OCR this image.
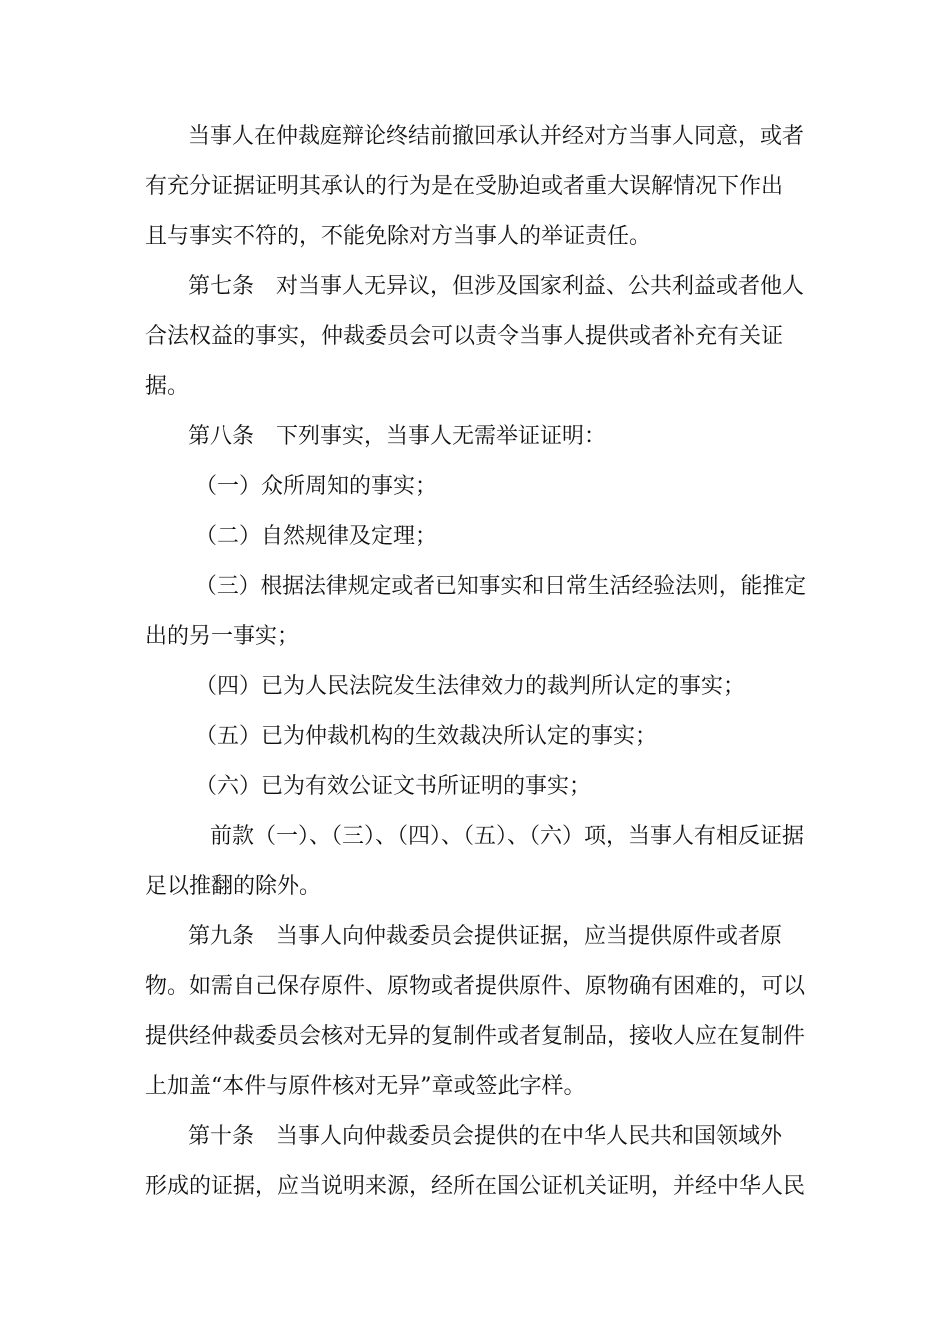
当事人在仲裁庭辩论终结前撤回承认并经对方当事人同意，或者
有充分证据证明其承认的行为是在受胁迫或者重大误解情况下作出
且与事实不符的，不能免除对方当事人的举证责任。
第七条　对当事人无异议，但涉及国家利益、公共利益或者他人
合法权益的事实，仲裁委员会可以责令当事人提供或者补充有关证
据。
第八条　下列事实，当事人无需举证证明：
（一）众所周知的事实；
（二）自然规律及定理；
（三）根据法律规定或者已知事实和日常生活经验法则，能推定
出的另一事实；
（四）已为人民法院发生法律效力的裁判所认定的事实；
（五）已为仲裁机构的生效裁决所认定的事实；
（六）已为有效公证文书所证明的事实；
前款（一）、（三）、（四）、（五）、（六）项，当事人有相反证据
足以推翻的除外。
第九条　当事人向仲裁委员会提供证据，应当提供原件或者原
物。如需自己保存原件、原物或者提供原件、原物确有困难的，可以
提供经仲裁委员会核对无异的复制件或者复制品，接收人应在复制件
上加盖“本件与原件核对无异”章或签此字样。
第十条　当事人向仲裁委员会提供的在中华人民共和国领域外
形成的证据，应当说明来源，经所在国公证机关证明，并经中华人民
